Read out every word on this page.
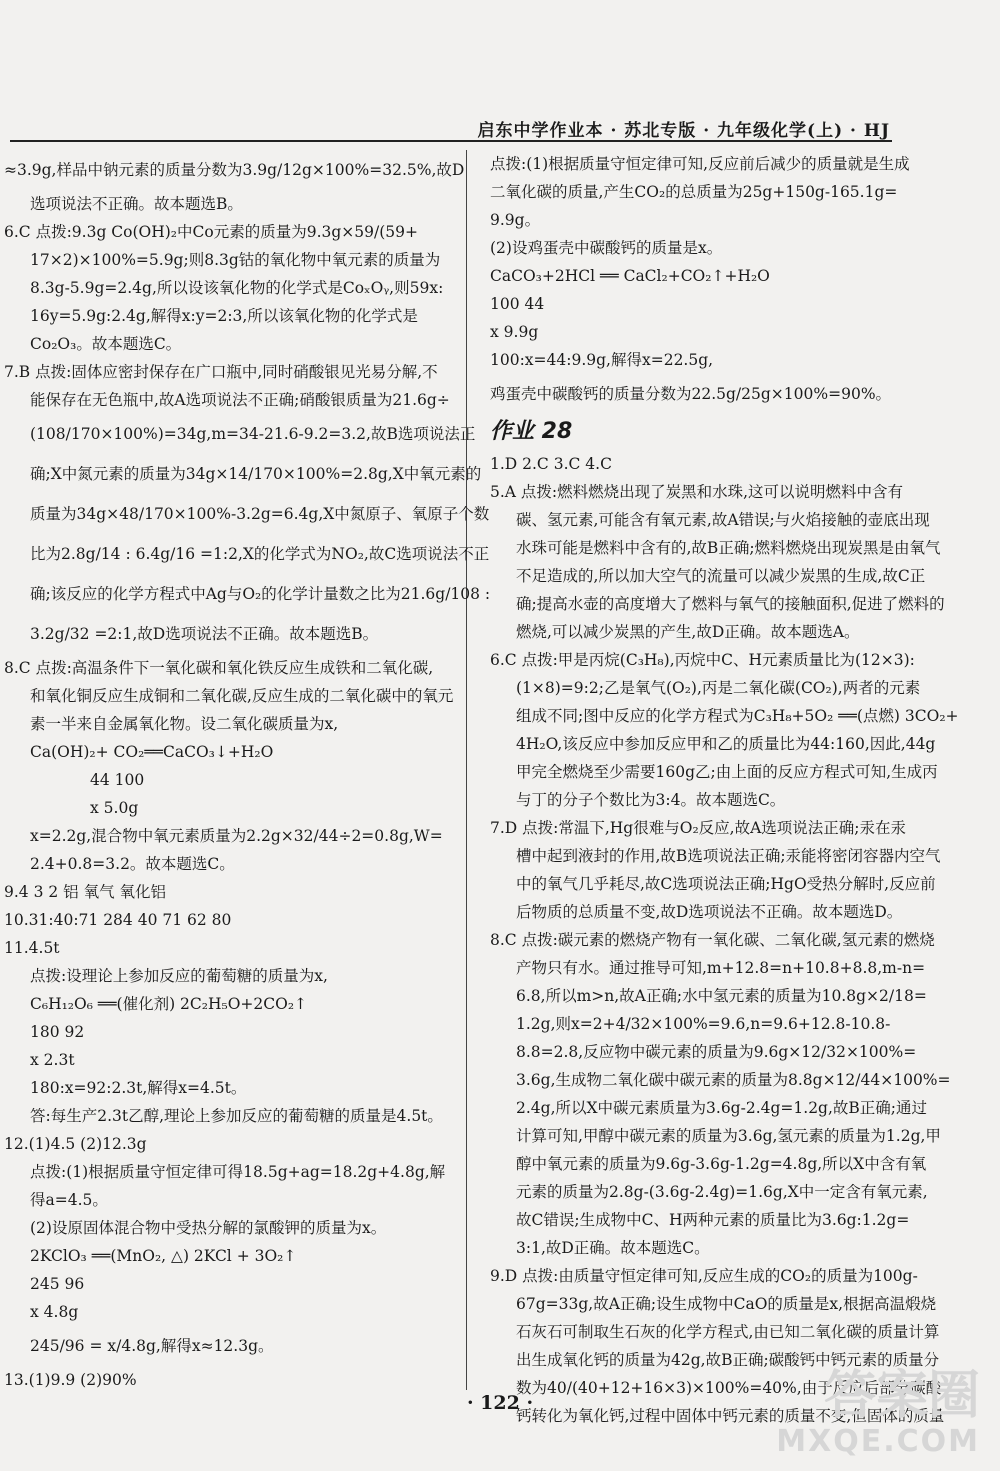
启东中学作业本 · 苏北专版 · 九年级化学(上) · HJ
≈3.9g,样品中钠元素的质量分数为3.9g/12g×100%=32.5%,故D
选项说法不正确。故本题选B。
6.C 点拨:9.3g Co(OH)₂中Co元素的质量为9.3g×59/(59+
17×2)×100%=5.9g;则8.3g钴的氧化物中氧元素的质量为
8.3g-5.9g=2.4g,所以设该氧化物的化学式是CoₓOᵧ,则59x:
16y=5.9g:2.4g,解得x:y=2:3,所以该氧化物的化学式是
Co₂O₃。故本题选C。
7.B 点拨:固体应密封保存在广口瓶中,同时硝酸银见光易分解,不
能保存在无色瓶中,故A选项说法不正确;硝酸银质量为21.6g÷
(108/170×100%)=34g,m=34-21.6-9.2=3.2,故B选项说法正
确;X中氮元素的质量为34g×14/170×100%=2.8g,X中氧元素的
质量为34g×48/170×100%-3.2g=6.4g,X中氮原子、氧原子个数
比为2.8g/14 : 6.4g/16 =1:2,X的化学式为NO₂,故C选项说法不正
确;该反应的化学方程式中Ag与O₂的化学计量数之比为21.6g/108 :
3.2g/32 =2:1,故D选项说法不正确。故本题选B。
8.C 点拨:高温条件下一氧化碳和氧化铁反应生成铁和二氧化碳,
和氧化铜反应生成铜和二氧化碳,反应生成的二氧化碳中的氧元
素一半来自金属氧化物。设二氧化碳质量为x,
Ca(OH)₂+ CO₂══CaCO₃↓+H₂O
44 100
x 5.0g
x=2.2g,混合物中氧元素质量为2.2g×32/44÷2=0.8g,W=
2.4+0.8=3.2。故本题选C。
9.4 3 2 铝 氧气 氧化铝
10.31:40:71 284 40 71 62 80
11.4.5t
点拨:设理论上参加反应的葡萄糖的质量为x,
C₆H₁₂O₆ ══(催化剂) 2C₂H₅O+2CO₂↑
180 92
x 2.3t
180:x=92:2.3t,解得x=4.5t。
答:每生产2.3t乙醇,理论上参加反应的葡萄糖的质量是4.5t。
12.(1)4.5 (2)12.3g
点拨:(1)根据质量守恒定律可得18.5g+ag=18.2g+4.8g,解
得a=4.5。
(2)设原固体混合物中受热分解的氯酸钾的质量为x。
2KClO₃ ══(MnO₂, △) 2KCl + 3O₂↑
245 96
x 4.8g
245/96 = x/4.8g,解得x≈12.3g。
13.(1)9.9 (2)90%
点拨:(1)根据质量守恒定律可知,反应前后减少的质量就是生成
二氧化碳的质量,产生CO₂的总质量为25g+150g-165.1g=
9.9g。
(2)设鸡蛋壳中碳酸钙的质量是x。
CaCO₃+2HCl ══ CaCl₂+CO₂↑+H₂O
100 44
x 9.9g
100:x=44:9.9g,解得x=22.5g,
鸡蛋壳中碳酸钙的质量分数为22.5g/25g×100%=90%。
作业 28
1.D 2.C 3.C 4.C
5.A 点拨:燃料燃烧出现了炭黑和水珠,这可以说明燃料中含有
碳、氢元素,可能含有氧元素,故A错误;与火焰接触的壶底出现
水珠可能是燃料中含有的,故B正确;燃料燃烧出现炭黑是由氧气
不足造成的,所以加大空气的流量可以减少炭黑的生成,故C正
确;提高水壶的高度增大了燃料与氧气的接触面积,促进了燃料的
燃烧,可以减少炭黑的产生,故D正确。故本题选A。
6.C 点拨:甲是丙烷(C₃H₈),丙烷中C、H元素质量比为(12×3):
(1×8)=9:2;乙是氧气(O₂),丙是二氧化碳(CO₂),两者的元素
组成不同;图中反应的化学方程式为C₃H₈+5O₂ ══(点燃) 3CO₂+
4H₂O,该反应中参加反应甲和乙的质量比为44:160,因此,44g
甲完全燃烧至少需要160g乙;由上面的反应方程式可知,生成丙
与丁的分子个数比为3:4。故本题选C。
7.D 点拨:常温下,Hg很难与O₂反应,故A选项说法正确;汞在汞
槽中起到液封的作用,故B选项说法正确;汞能将密闭容器内空气
中的氧气几乎耗尽,故C选项说法正确;HgO受热分解时,反应前
后物质的总质量不变,故D选项说法不正确。故本题选D。
8.C 点拨:碳元素的燃烧产物有一氧化碳、二氧化碳,氢元素的燃烧
产物只有水。通过推导可知,m+12.8=n+10.8+8.8,m-n=
6.8,所以m>n,故A正确;水中氢元素的质量为10.8g×2/18=
1.2g,则x=2+4/32×100%=9.6,n=9.6+12.8-10.8-
8.8=2.8,反应物中碳元素的质量为9.6g×12/32×100%=
3.6g,生成物二氧化碳中碳元素的质量为8.8g×12/44×100%=
2.4g,所以X中碳元素质量为3.6g-2.4g=1.2g,故B正确;通过
计算可知,甲醇中碳元素的质量为3.6g,氢元素的质量为1.2g,甲
醇中氧元素的质量为9.6g-3.6g-1.2g=4.8g,所以X中含有氧
元素的质量为2.8g-(3.6g-2.4g)=1.6g,X中一定含有氧元素,
故C错误;生成物中C、H两种元素的质量比为3.6g:1.2g=
3:1,故D正确。故本题选C。
9.D 点拨:由质量守恒定律可知,反应生成的CO₂的质量为100g-
67g=33g,故A正确;设生成物中CaO的质量是x,根据高温煅烧
石灰石可制取生石灰的化学方程式,由已知二氧化碳的质量计算
出生成氧化钙的质量为42g,故B正确;碳酸钙中钙元素的质量分
数为40/(40+12+16×3)×100%=40%,由于反应后部分碳酸
钙转化为氧化钙,过程中固体中钙元素的质量不变,但固体的质量
· 122 ·	答案圈
MXQE.COM
